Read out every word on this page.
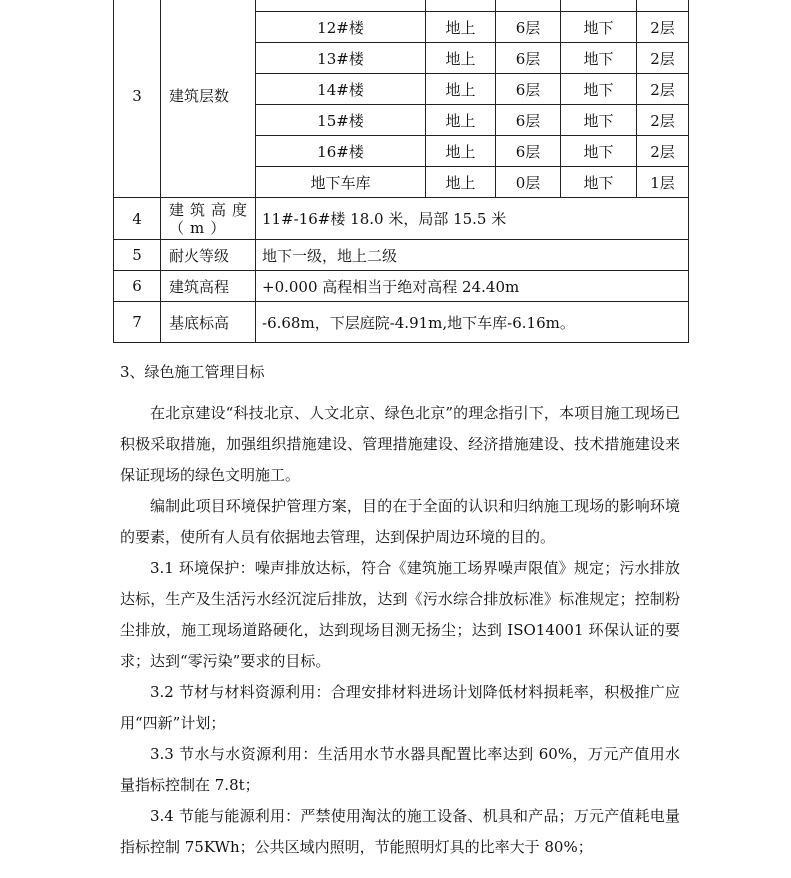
3	建筑层数					
		12#楼	地上	6层	地下	2层
		13#楼	地上	6层	地下	2层
		14#楼	地上	6层	地下	2层
		15#楼	地上	6层	地下	2层
		16#楼	地上	6层	地下	2层
		地下车库	地上	0层	地下	1层
4	建筑高度（m）	11#-16#楼 18.0 米，局部 15.5 米				
5	耐火等级	地下一级，地上二级				
6	建筑高程	+0.000 高程相当于绝对高程 24.40m				
7	基底标高	-6.68m，下层庭院-4.91m,地下车库-6.16m。				
3、绿色施工管理目标

在北京建设“科技北京、人文北京、绿色北京”的理念指引下，本项目施工现场已积极采取措施，加强组织措施建设、管理措施建设、经济措施建设、技术措施建设来保证现场的绿色文明施工。

编制此项目环境保护管理方案，目的在于全面的认识和归纳施工现场的影响环境的要素，使所有人员有依据地去管理，达到保护周边环境的目的。

3.1 环境保护：噪声排放达标，符合《建筑施工场界噪声限值》规定；污水排放达标，生产及生活污水经沉淀后排放，达到《污水综合排放标准》标准规定；控制粉尘排放，施工现场道路硬化，达到现场目测无扬尘；达到 ISO14001 环保认证的要求；达到“零污染”要求的目标。

3.2 节材与材料资源利用：合理安排材料进场计划降低材料损耗率，积极推广应用“四新”计划；

3.3 节水与水资源利用：生活用水节水器具配置比率达到 60%，万元产值用水量指标控制在 7.8t；

3.4 节能与能源利用：严禁使用淘汰的施工设备、机具和产品；万元产值耗电量指标控制 75KWh；公共区域内照明，节能照明灯具的比率大于 80%；
